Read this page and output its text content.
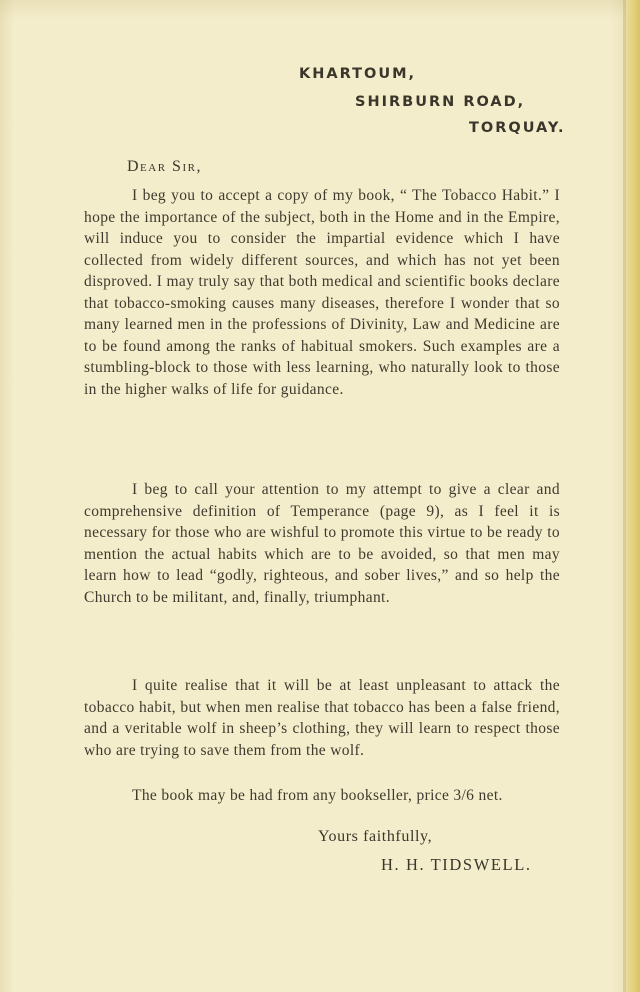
KHARTOUM,
SHIRBURN ROAD,
TORQUAY.
Dear Sir,

I beg you to accept a copy of my book, “ The Tobacco Habit.” I hope the importance of the subject, both in the Home and in the Empire, will induce you to consider the impartial evidence which I have collected from widely different sources, and which has not yet been disproved. I may truly say that both medical and scientific books declare that tobacco-smoking causes many diseases, therefore I wonder that so many learned men in the professions of Divinity, Law and Medicine are to be found among the ranks of habitual smokers. Such examples are a stumbling-block to those with less learning, who naturally look to those in the higher walks of life for guidance.

I beg to call your attention to my attempt to give a clear and comprehensive definition of Temperance (page 9), as I feel it is necessary for those who are wishful to promote this virtue to be ready to mention the actual habits which are to be avoided, so that men may learn how to lead “godly, righteous, and sober lives,” and so help the Church to be militant, and, finally, triumphant.

I quite realise that it will be at least unpleasant to attack the tobacco habit, but when men realise that tobacco has been a false friend, and a veritable wolf in sheep’s clothing, they will learn to respect those who are trying to save them from the wolf.

The book may be had from any bookseller, price 3/6 net.

Yours faithfully,
H. H. TIDSWELL.
